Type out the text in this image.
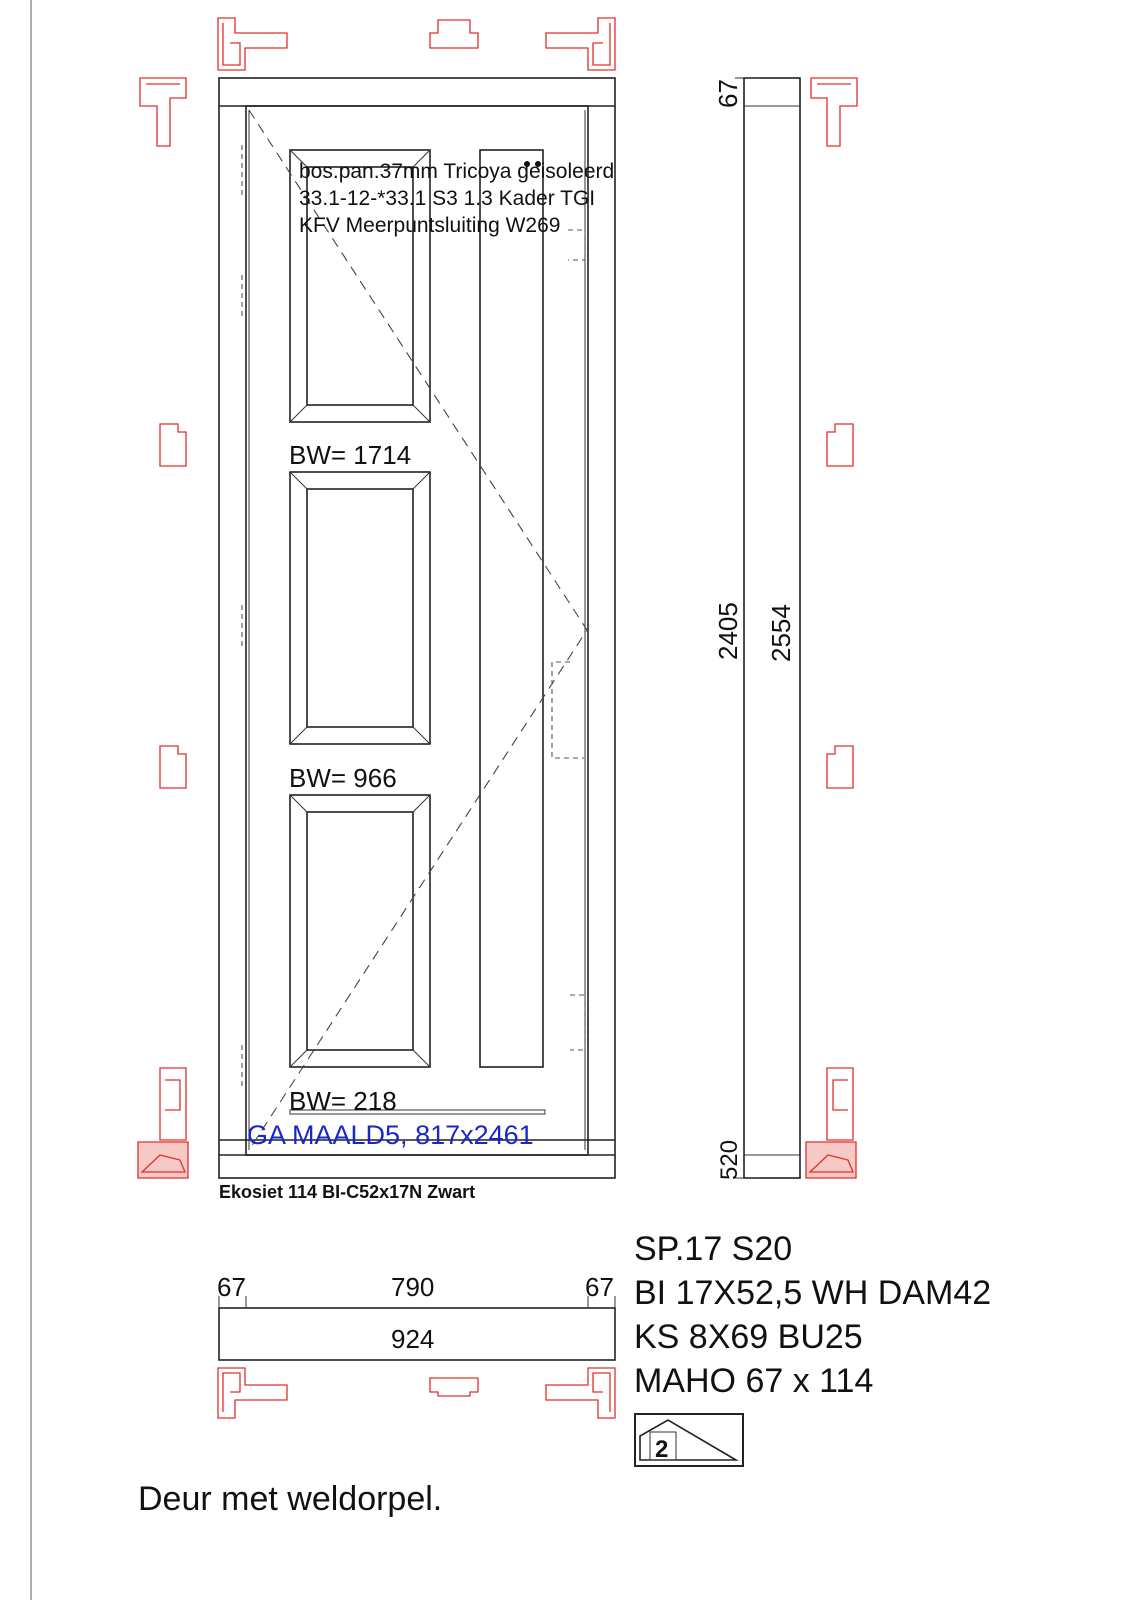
bos.pan.37mm Tricoya geisoleerd
33.1-12-*33.1 S3 1.3 Kader TGI
KFV Meerpuntsluiting W269
BW= 1714
BW= 966
BW= 218
GA MAALD5, 817x2461
Ekosiet 114 BI-C52x17N Zwart
67
2405 2554
520
67	790	67
924
SP.17 S20
BI 17X52,5 WH DAM42
KS 8X69 BU25
MAHO 67 x 114
2
Deur met weldorpel.
